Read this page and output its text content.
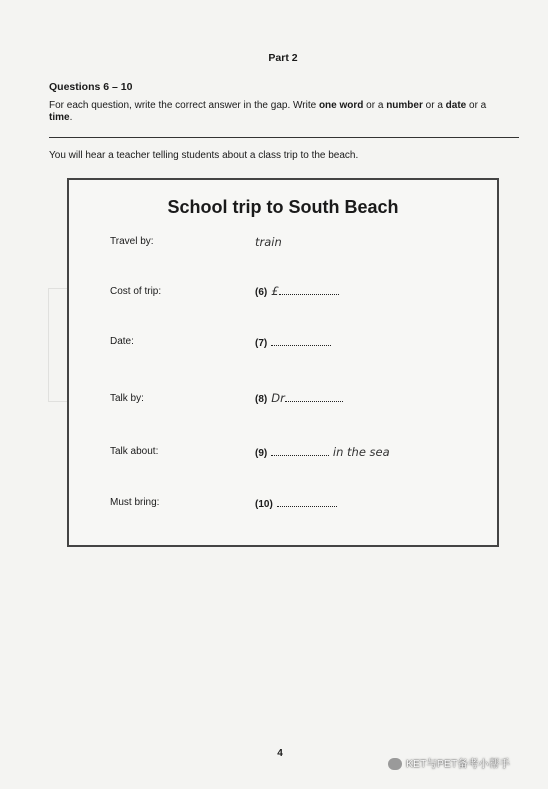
Part 2
Questions 6 – 10
For each question, write the correct answer in the gap. Write one word or a number or a date or a time.
You will hear a teacher telling students about a class trip to the beach.
School trip to South Beach
Travel by:	train
Cost of trip:	(6) £
Date:	(7)
Talk by:	(8) Dr
Talk about:	(9)	in the sea
Must bring:	(10)
4
KET与PET备考小帮手
